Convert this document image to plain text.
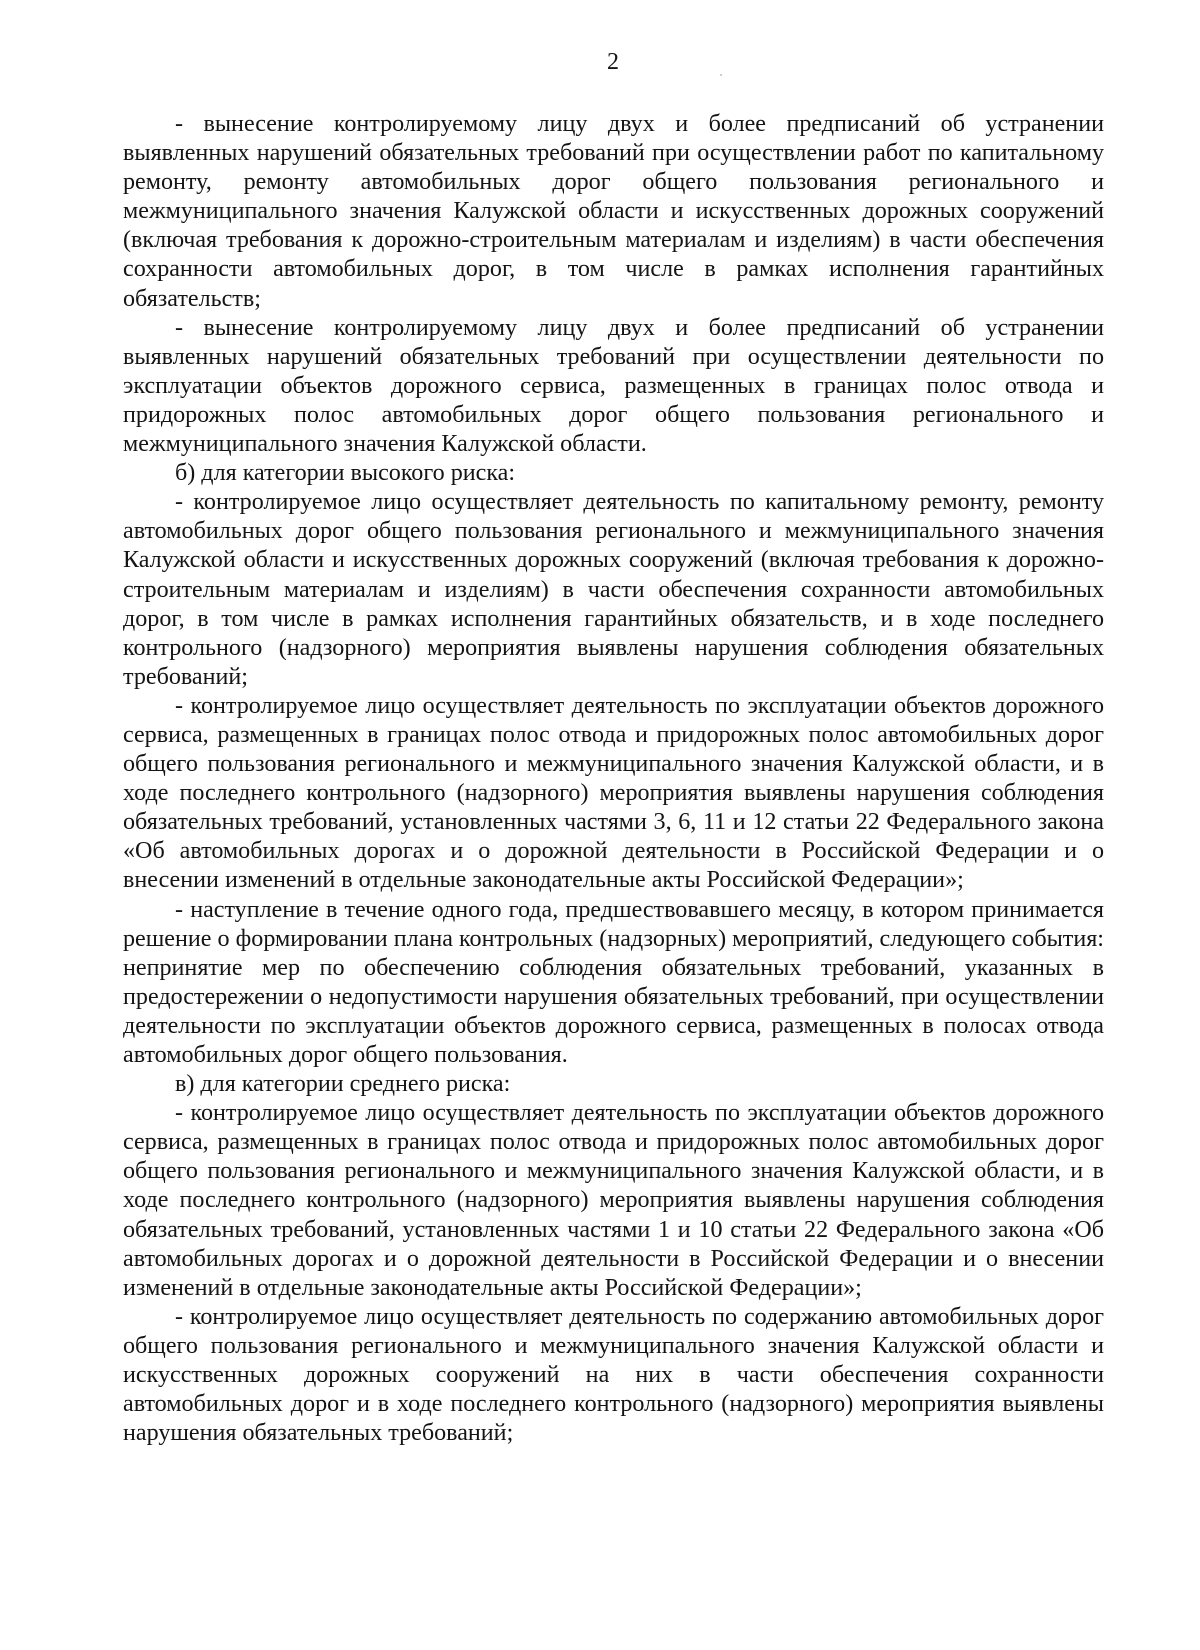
2

- вынесение контролируемому лицу двух и более предписаний об устранении выявленных нарушений обязательных требований при осуществлении работ по капитальному ремонту, ремонту автомобильных дорог общего пользования регионального и межмуниципального значения Калужской области и искусственных дорожных сооружений (включая требования к дорожно-строительным материалам и изделиям) в части обеспечения сохранности автомобильных дорог, в том числе в рамках исполнения гарантийных обязательств;

- вынесение контролируемому лицу двух и более предписаний об устранении выявленных нарушений обязательных требований при осуществлении деятельности по эксплуатации объектов дорожного сервиса, размещенных в границах полос отвода и придорожных полос автомобильных дорог общего пользования регионального и межмуниципального значения Калужской области.

б) для категории высокого риска:

- контролируемое лицо осуществляет деятельность по капитальному ремонту, ремонту автомобильных дорог общего пользования регионального и межмуниципального значения Калужской области и искусственных дорожных сооружений (включая требования к дорожно-строительным материалам и изделиям) в части обеспечения сохранности автомобильных дорог, в том числе в рамках исполнения гарантийных обязательств, и в ходе последнего контрольного (надзорного) мероприятия выявлены нарушения соблюдения обязательных требований;

- контролируемое лицо осуществляет деятельность по эксплуатации объектов дорожного сервиса, размещенных в границах полос отвода и придорожных полос автомобильных дорог общего пользования регионального и межмуниципального значения Калужской области, и в ходе последнего контрольного (надзорного) мероприятия выявлены нарушения соблюдения обязательных требований, установленных частями 3, 6, 11 и 12 статьи 22 Федерального закона «Об автомобильных дорогах и о дорожной деятельности в Российской Федерации и о внесении изменений в отдельные законодательные акты Российской Федерации»;

- наступление в течение одного года, предшествовавшего месяцу, в котором принимается решение о формировании плана контрольных (надзорных) мероприятий, следующего события: непринятие мер по обеспечению соблюдения обязательных требований, указанных в предостережении о недопустимости нарушения обязательных требований, при осуществлении деятельности по эксплуатации объектов дорожного сервиса, размещенных в полосах отвода автомобильных дорог общего пользования.

в) для категории среднего риска:

- контролируемое лицо осуществляет деятельность по эксплуатации объектов дорожного сервиса, размещенных в границах полос отвода и придорожных полос автомобильных дорог общего пользования регионального и межмуниципального значения Калужской области, и в ходе последнего контрольного (надзорного) мероприятия выявлены нарушения соблюдения обязательных требований, установленных частями 1 и 10 статьи 22 Федерального закона «Об автомобильных дорогах и о дорожной деятельности в Российской Федерации и о внесении изменений в отдельные законодательные акты Российской Федерации»;

- контролируемое лицо осуществляет деятельность по содержанию автомобильных дорог общего пользования регионального и межмуниципального значения Калужской области и искусственных дорожных сооружений на них в части обеспечения сохранности автомобильных дорог и в ходе последнего контрольного (надзорного) мероприятия выявлены нарушения обязательных требований;
